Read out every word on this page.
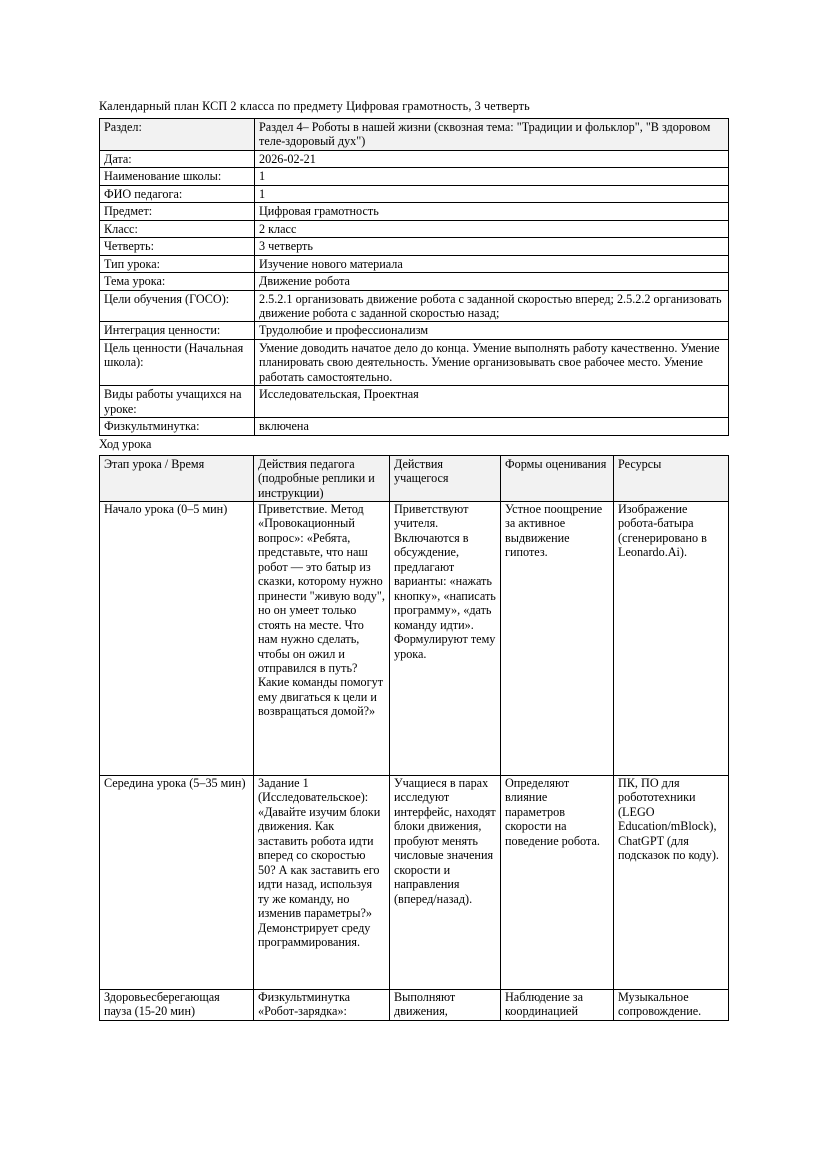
Календарный план КСП 2 класса по предмету Цифровая грамотность, 3 четверть

Раздел:	Раздел 4– Роботы в нашей жизни (сквозная тема: "Традиции и фольклор", "В здоровом теле-здоровый дух")
Дата:	2026-02-21
Наименование школы:	1
ФИО педагога:	1
Предмет:	Цифровая грамотность
Класс:	2 класс
Четверть:	3 четверть
Тип урока:	Изучение нового материала
Тема урока:	Движение робота
Цели обучения (ГОСО):	2.5.2.1 организовать движение робота с заданной скоростью вперед; 2.5.2.2 организовать движение робота с заданной скоростью назад;
Интеграция ценности:	Трудолюбие и профессионализм
Цель ценности (Начальная школа):	Умение доводить начатое дело до конца. Умение выполнять работу качественно. Умение планировать свою деятельность. Умение организовывать свое рабочее место. Умение работать самостоятельно.
Виды работы учащихся на уроке:	Исследовательская, Проектная
Физкультминутка:	включена

Ход урока

Этап урока / Время	Действия педагога (подробные реплики и инструкции)	Действия учащегося	Формы оценивания	Ресурсы
Начало урока (0–5 мин)	Приветствие. Метод «Провокационный вопрос»: «Ребята, представьте, что наш робот — это батыр из сказки, которому нужно принести "живую воду", но он умеет только стоять на месте. Что нам нужно сделать, чтобы он ожил и отправился в путь? Какие команды помогут ему двигаться к цели и возвращаться домой?»	Приветствуют учителя. Включаются в обсуждение, предлагают варианты: «нажать кнопку», «написать программу», «дать команду идти». Формулируют тему урока.	Устное поощрение за активное выдвижение гипотез.	Изображение робота-батыра (сгенерировано в Leonardo.Ai).
Середина урока (5–35 мин)	Задание 1 (Исследовательское): «Давайте изучим блоки движения. Как заставить робота идти вперед со скоростью 50? А как заставить его идти назад, используя ту же команду, но изменив параметры?» Демонстрирует среду программирования.	Учащиеся в парах исследуют интерфейс, находят блоки движения, пробуют менять числовые значения скорости и направления (вперед/назад).	Определяют влияние параметров скорости на поведение робота.	ПК, ПО для робототехники (LEGO Education/mBlock), ChatGPT (для подсказок по коду).
Здоровьесберегающая пауза (15-20 мин)	Физкультминутка «Робот-зарядка»:	Выполняют движения,	Наблюдение за координацией	Музыкальное сопровождение.
